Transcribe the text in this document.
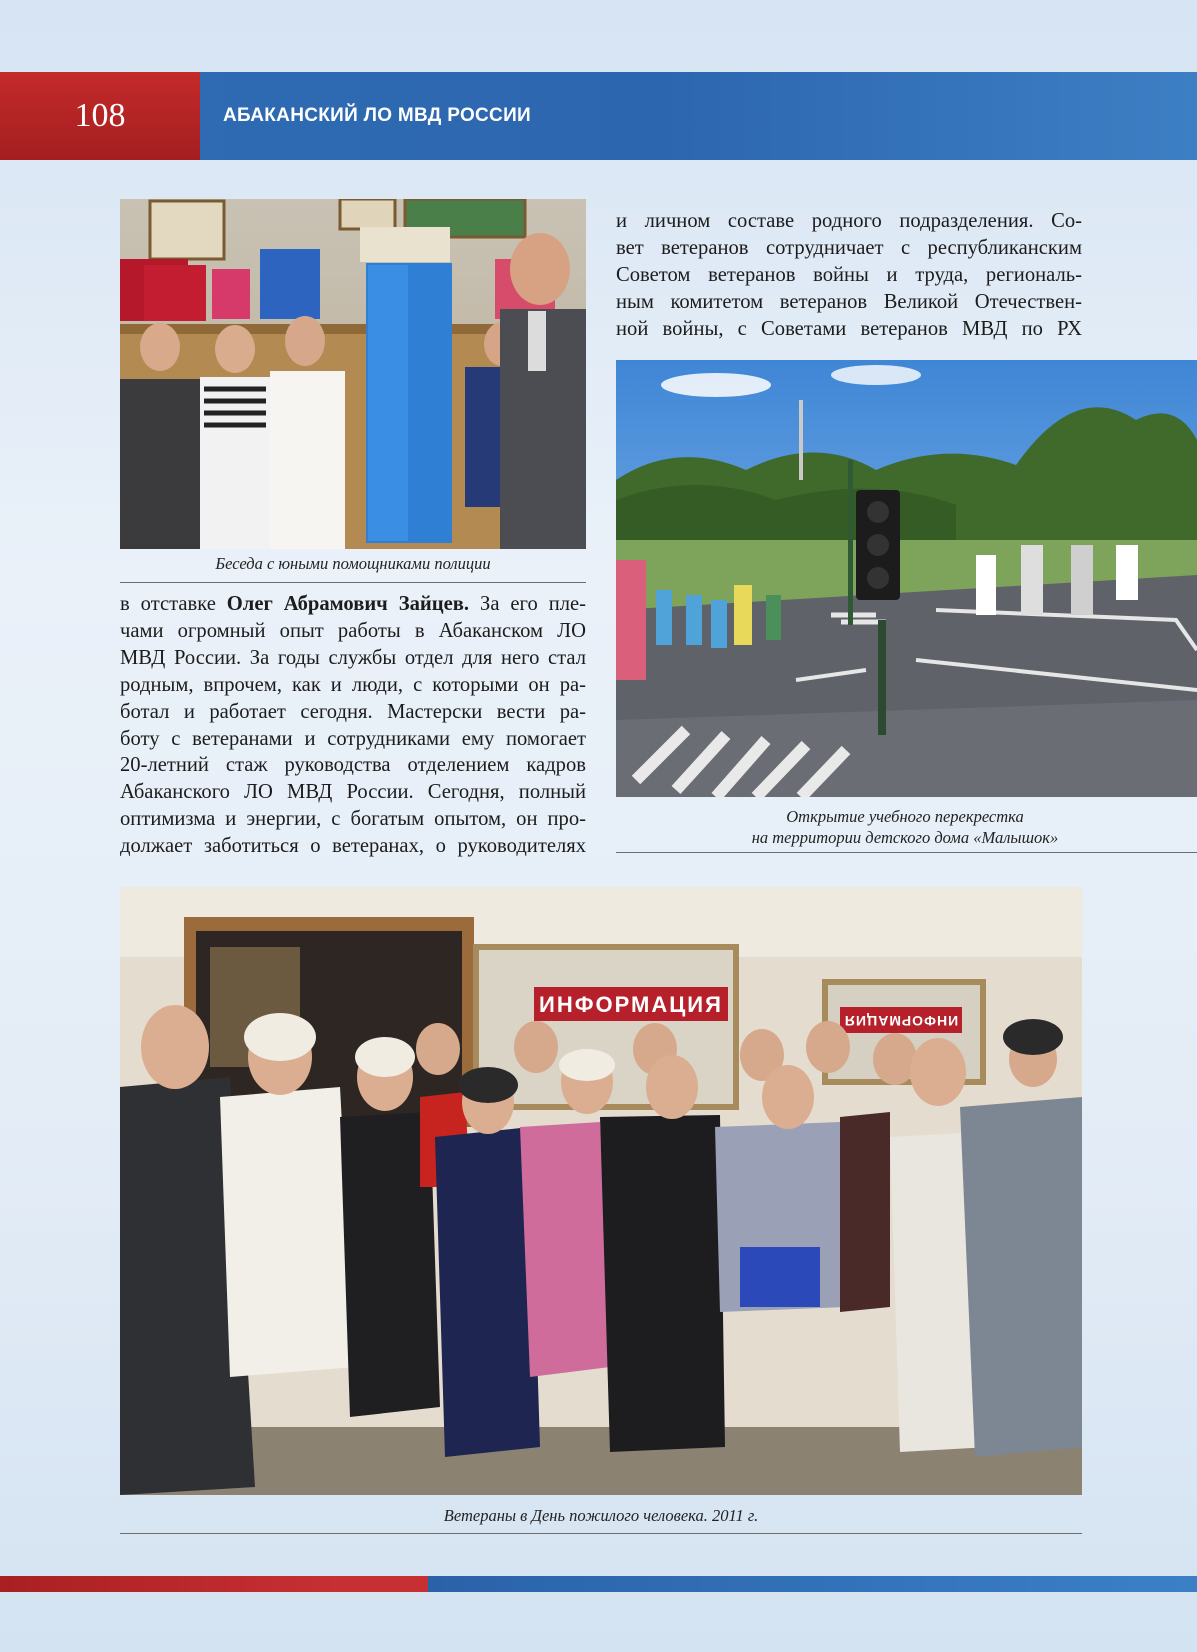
108	АБАКАНСКИЙ ЛО МВД РОССИИ
Беседа с юными помощниками полиции
в отставке Олег Абрамович Зайцев. За его пле-
чами огромный опыт работы в Абаканском ЛО
МВД России. За годы службы отдел для него стал
родным, впрочем, как и люди, с которыми он ра-
ботал и работает сегодня. Мастерски вести ра-
боту с ветеранами и сотрудниками ему помогает
20-летний стаж руководства отделением кадров
Абаканского ЛО МВД России. Сегодня, полный
оптимизма и энергии, с богатым опытом, он про-
должает заботиться о ветеранах, о руководителях
и личном составе родного подразделения. Со-
вет ветеранов сотрудничает с республиканским
Советом ветеранов войны и труда, региональ-
ным комитетом ветеранов Великой Отечествен-
ной войны, с Советами ветеранов МВД по РХ
Открытие учебного перекрестка
на территории детского дома «Малышок»
ИНФОРМАЦИЯ
ИНФОРМАЦИЯ
Ветераны в День пожилого человека. 2011 г.
